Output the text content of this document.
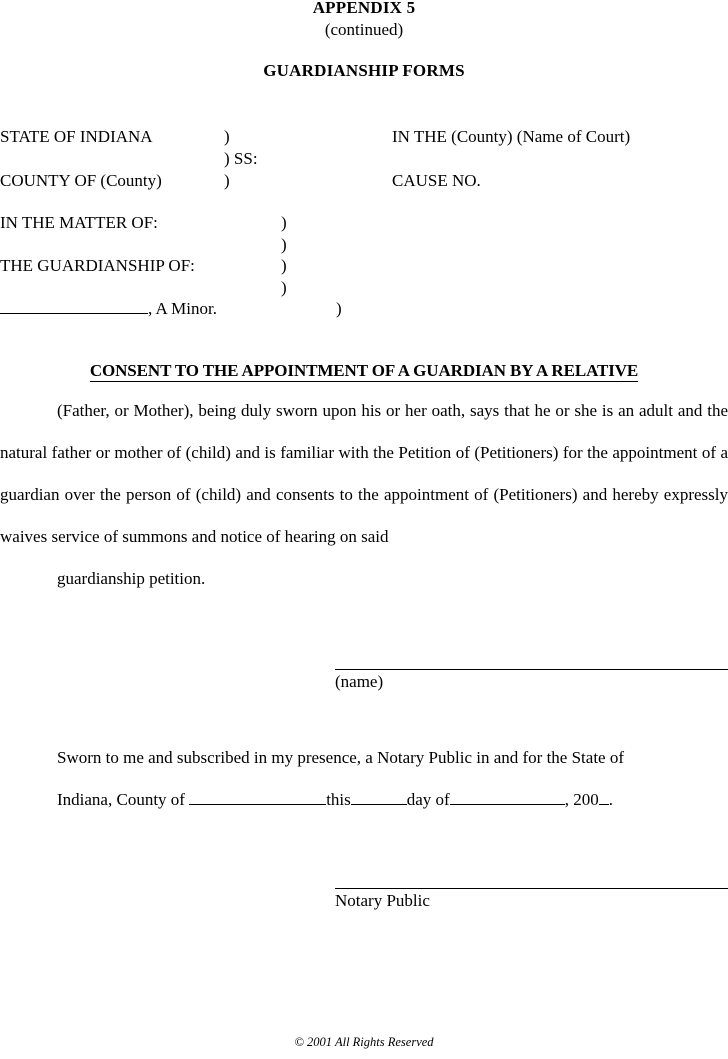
APPENDIX 5
(continued)
GUARDIANSHIP FORMS
STATE OF INDIANA	)	IN THE (County) (Name of Court)
) SS:
COUNTY OF (County)	)	CAUSE NO.
IN THE MATTER OF:	)
)
THE GUARDIANSHIP OF:	)
)
, A Minor.	)
CONSENT TO THE APPOINTMENT OF A GUARDIAN BY A RELATIVE
(Father, or Mother), being duly sworn upon his or her oath, says that he or she is an adult and the natural father or mother of (child) and is familiar with the Petition of (Petitioners) for the appointment of a guardian over the person of (child) and consents to the appointment of (Petitioners) and hereby expressly waives service of summons and notice of hearing on said
guardianship petition.
(name)
Sworn to me and subscribed in my presence, a Notary Public in and for the State of
Indiana, County of	this	day of	, 200 .
Notary Public
© 2001 All Rights Reserved
